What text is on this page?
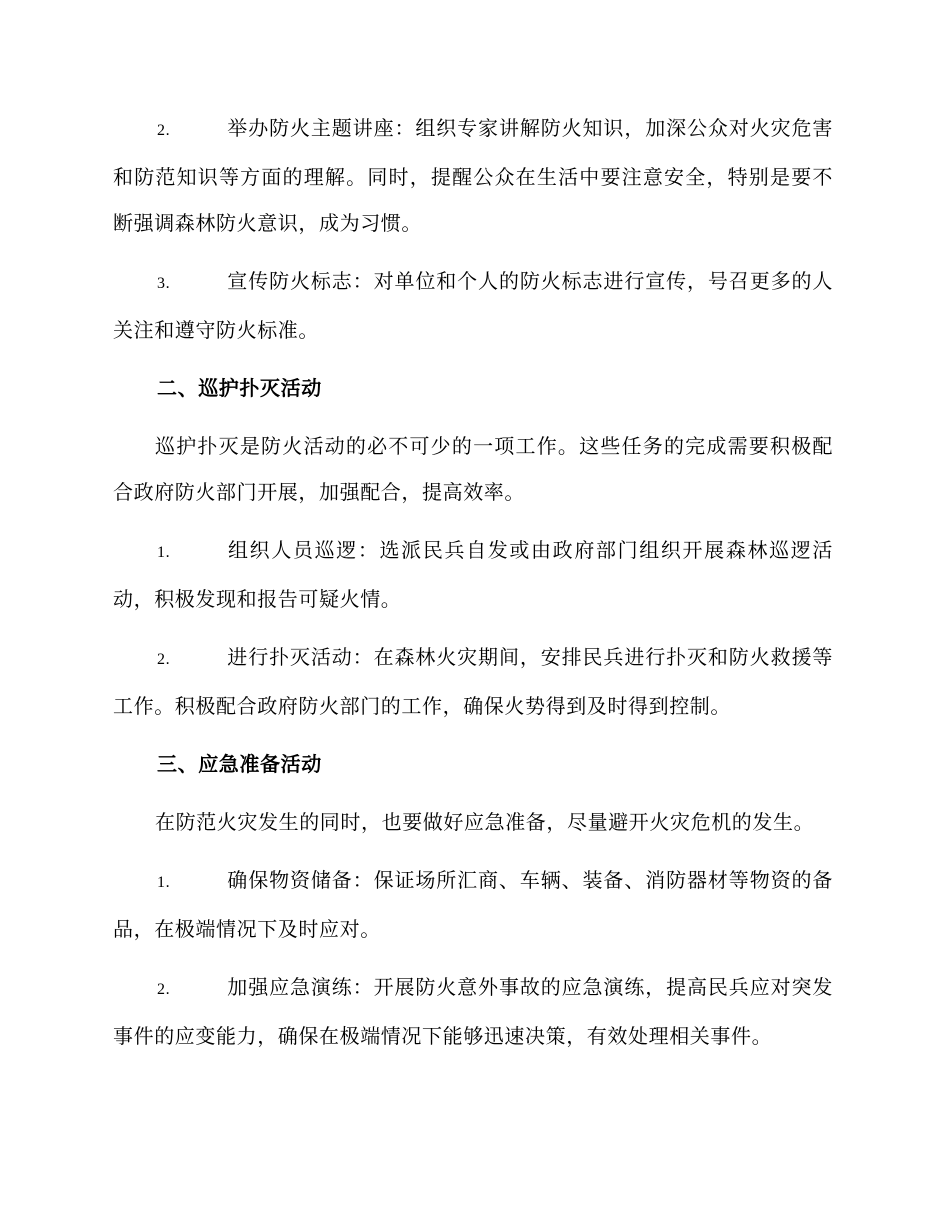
2.	举办防火主题讲座：组织专家讲解防火知识，加深公众对火灾危害和防范知识等方面的理解。同时，提醒公众在生活中要注意安全，特别是要不断强调森林防火意识，成为习惯。

3.	宣传防火标志：对单位和个人的防火标志进行宣传，号召更多的人关注和遵守防火标准。

二、巡护扑灭活动

巡护扑灭是防火活动的必不可少的一项工作。这些任务的完成需要积极配合政府防火部门开展，加强配合，提高效率。

1.	组织人员巡逻：选派民兵自发或由政府部门组织开展森林巡逻活动，积极发现和报告可疑火情。

2.	进行扑灭活动：在森林火灾期间，安排民兵进行扑灭和防火救援等工作。积极配合政府防火部门的工作，确保火势得到及时得到控制。

三、应急准备活动

在防范火灾发生的同时，也要做好应急准备，尽量避开火灾危机的发生。

1.	确保物资储备：保证场所汇商、车辆、装备、消防器材等物资的备品，在极端情况下及时应对。

2.	加强应急演练：开展防火意外事故的应急演练，提高民兵应对突发事件的应变能力，确保在极端情况下能够迅速决策，有效处理相关事件。
